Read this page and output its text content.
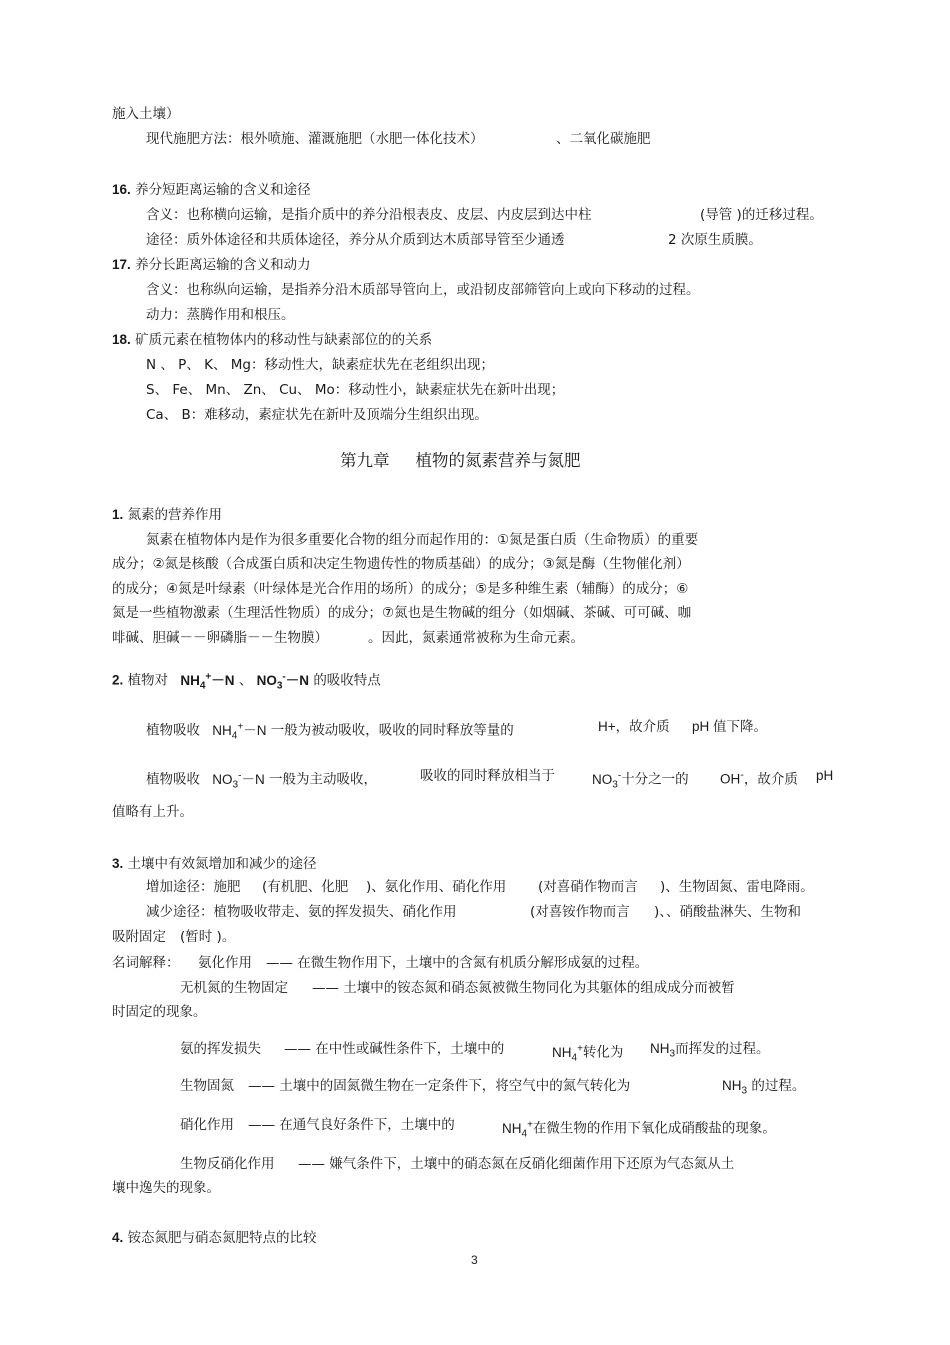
施入土壤）
现代施肥方法：根外喷施、灌溉施肥（水肥一体化技术）	、二氧化碳施肥
16. 养分短距离运输的含义和途径
含义：也称横向运输，是指介质中的养分沿根表皮、皮层、内皮层到达中柱	(导管 )的迁移过程。
途径：质外体途径和共质体途径，养分从介质到达木质部导管至少通透	2 次原生质膜。
17. 养分长距离运输的含义和动力
含义：也称纵向运输，是指养分沿木质部导管向上，或沿韧皮部筛管向上或向下移动的过程。
动力：蒸腾作用和根压。
18. 矿质元素在植物体内的移动性与缺素部位的的关系
N 、 P、 K、 Mg：移动性大，缺素症状先在老组织出现；
S、 Fe、 Mn、 Zn、 Cu、 Mo：移动性小，缺素症状先在新叶出现；
Ca、 B：难移动，素症状先在新叶及顶端分生组织出现。
第九章 植物的氮素营养与氮肥
1. 氮素的营养作用
氮素在植物体内是作为很多重要化合物的组分而起作用的：①氮是蛋白质（生命物质）的重要
成分；②氮是核酸（合成蛋白质和决定生物遗传性的物质基础）的成分；③氮是酶（生物催化剂）
的成分；④氮是叶绿素（叶绿体是光合作用的场所）的成分；⑤是多种维生素（辅酶）的成分；⑥
氮是一些植物激素（生理活性物质）的成分；⑦氮也是生物碱的组分（如烟碱、茶碱、可可碱、咖
啡碱、胆碱－－卵磷脂－－生物膜）	。因此，氮素通常被称为生命元素。
2. 植物对 $NH_4^+-N$ 、 $NO_3^--N$ 的吸收特点
植物吸收 $NH_4^+-N$ 一般为被动吸收，吸收的同时释放等量的	H+，故介质 pH 值下降。
植物吸收 $NO_3^--N$ 一般为主动吸收，	吸收的同时释放相当于	$NO_3^-$十分之一的 OH-，故介质 pH
值略有上升。
3. 土壤中有效氮增加和减少的途径
增加途径：施肥 (有机肥、化肥 )、氨化作用、硝化作用 (对喜硝作物而言 )、生物固氮、雷电降雨。
减少途径：植物吸收带走、氨的挥发损失、硝化作用	(对喜铵作物而言 )、、硝酸盐淋失、生物和
吸附固定 (暂时 )。
名词解释： 氨化作用 —— 在微生物作用下，土壤中的含氮有机质分解形成氨的过程。
无机氮的生物固定 —— 土壤中的铵态氮和硝态氮被微生物同化为其躯体的组成成分而被暂
时固定的现象。
氨的挥发损失 —— 在中性或碱性条件下，土壤中的	$NH_4^+$转化为 $NH_3$而挥发的过程。
生物固氮 —— 土壤中的固氮微生物在一定条件下，将空气中的氮气转化为	$NH_3$ 的过程。
硝化作用 —— 在通气良好条件下，土壤中的	$NH_4^+$在微生物的作用下氧化成硝酸盐的现象。
生物反硝化作用 —— 嫌气条件下，土壤中的硝态氮在反硝化细菌作用下还原为气态氮从土
壤中逸失的现象。
4. 铵态氮肥与硝态氮肥特点的比较
3
